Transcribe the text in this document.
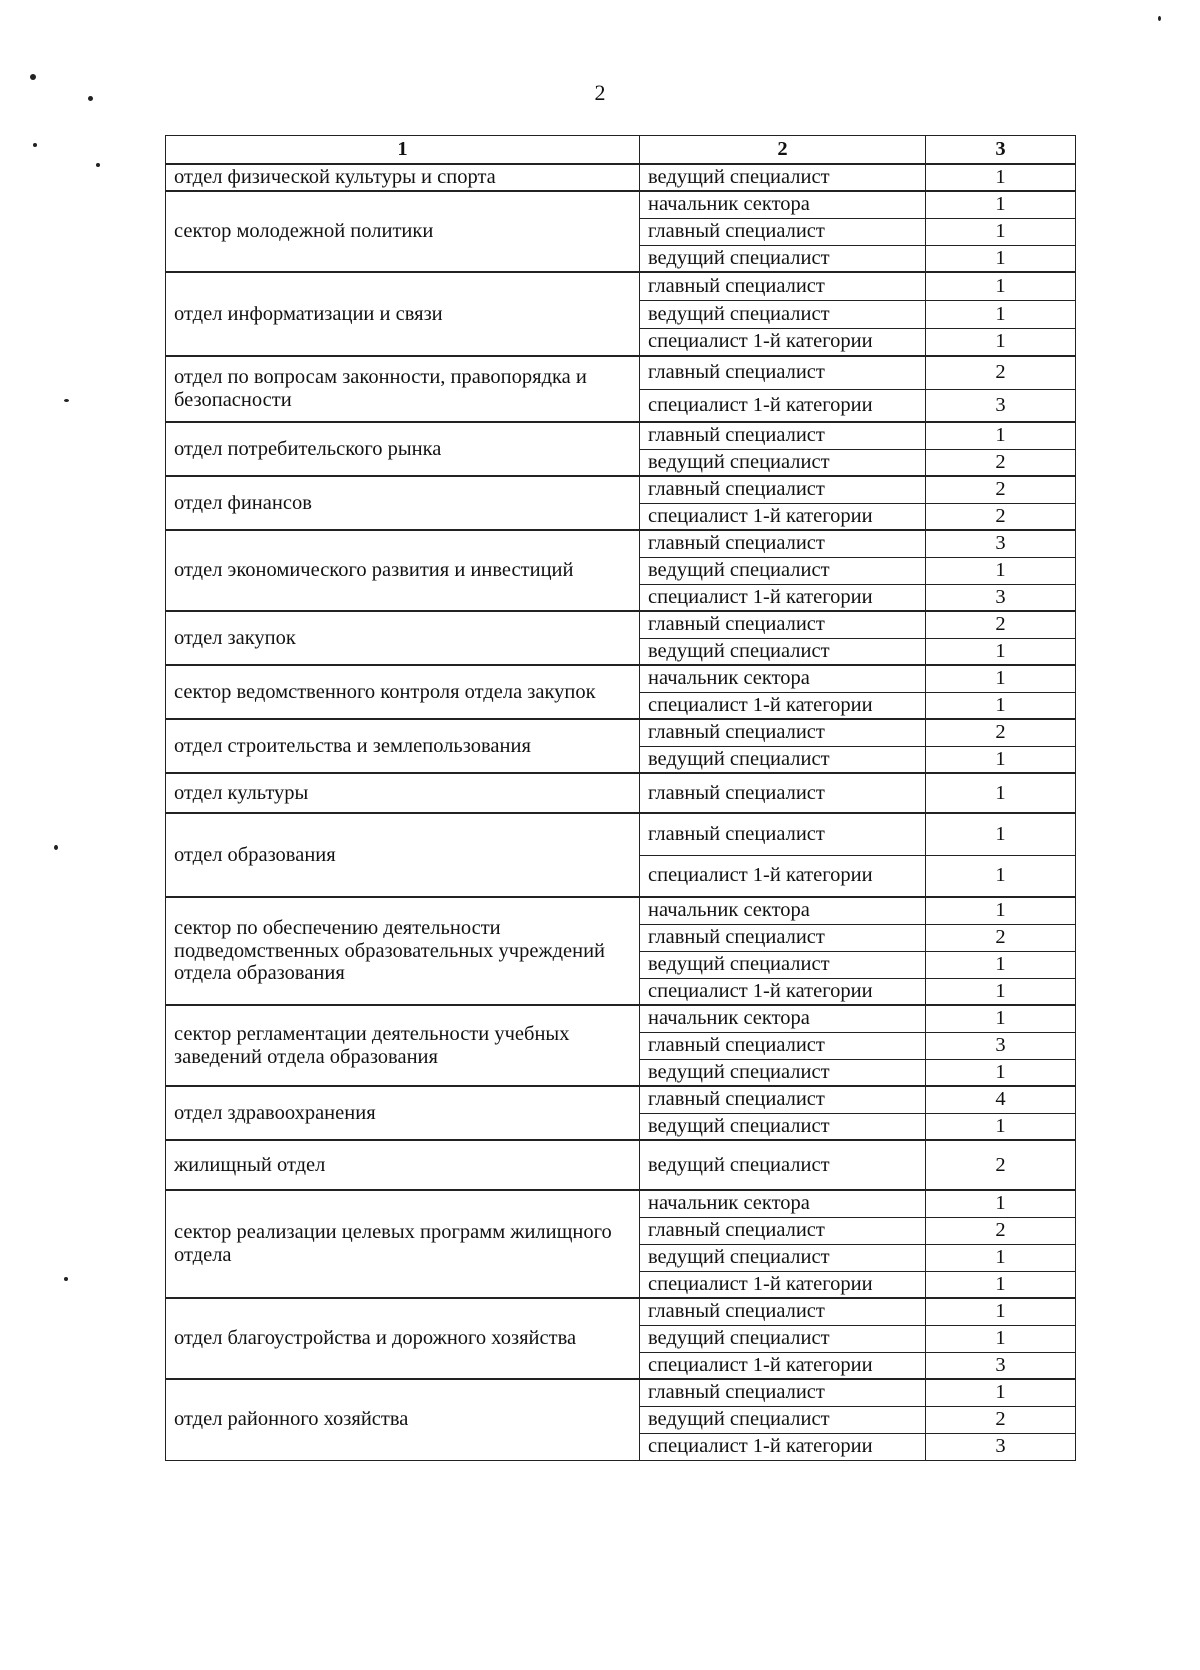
2
1	2	3
отдел физической культуры и спорта	ведущий специалист	1
сектор молодежной политики	начальник сектора	1
	главный специалист	1
	ведущий специалист	1
отдел информатизации и связи	главный специалист	1
	ведущий специалист	1
	специалист 1-й категории	1
отдел по вопросам законности, правопорядка и безопасности	главный специалист	2
	специалист 1-й категории	3
отдел потребительского рынка	главный специалист	1
	ведущий специалист	2
отдел финансов	главный специалист	2
	специалист 1-й категории	2
отдел экономического развития и инвестиций	главный специалист	3
	ведущий специалист	1
	специалист 1-й категории	3
отдел закупок	главный специалист	2
	ведущий специалист	1
сектор ведомственного контроля отдела закупок	начальник сектора	1
	специалист 1-й категории	1
отдел строительства и землепользования	главный специалист	2
	ведущий специалист	1
отдел культуры	главный специалист	1
отдел образования	главный специалист	1
	специалист 1-й категории	1
сектор по обеспечению деятельности подведомственных образовательных учреждений отдела образования	начальник сектора	1
	главный специалист	2
	ведущий специалист	1
	специалист 1-й категории	1
сектор регламентации деятельности учебных заведений отдела образования	начальник сектора	1
	главный специалист	3
	ведущий специалист	1
отдел здравоохранения	главный специалист	4
	ведущий специалист	1
жилищный отдел	ведущий специалист	2
сектор реализации целевых программ жилищного отдела	начальник сектора	1
	главный специалист	2
	ведущий специалист	1
	специалист 1-й категории	1
отдел благоустройства и дорожного хозяйства	главный специалист	1
	ведущий специалист	1
	специалист 1-й категории	3
отдел районного хозяйства	главный специалист	1
	ведущий специалист	2
	специалист 1-й категории	3
